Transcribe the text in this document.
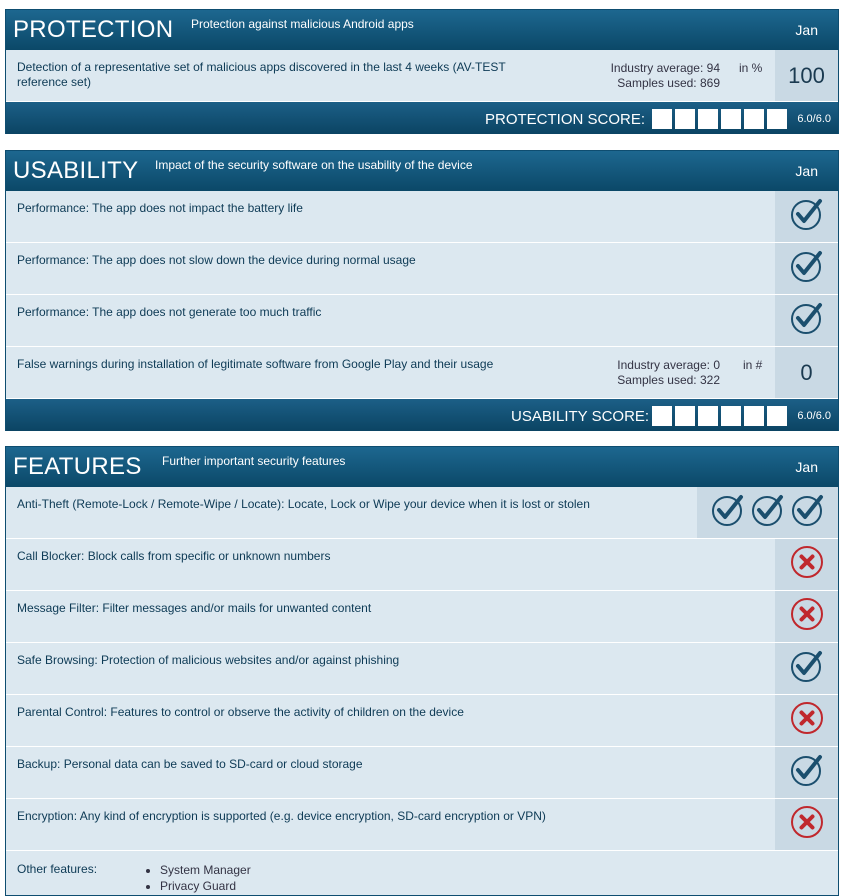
PROTECTION Protection against malicious Android apps	Jan
Detection of a representative set of malicious apps discovered in the last 4 weeks (AV-TEST reference set)
Industry average: 94
Samples used: 869
in % 100
PROTECTION SCORE:	6.0/6.0
USABILITY Impact of the security software on the usability of the device	Jan
Performance: The app does not impact the battery life
Performance: The app does not slow down the device during normal usage
Performance: The app does not generate too much traffic
False warnings during installation of legitimate software from Google Play and their usage	Industry average: 0
Samples used: 322
in # 0
USABILITY SCORE:	6.0/6.0
FEATURES Further important security features	Jan
Anti-Theft (Remote-Lock / Remote-Wipe / Locate): Locate, Lock or Wipe your device when it is lost or stolen
Call Blocker: Block calls from specific or unknown numbers
Message Filter: Filter messages and/or mails for unwanted content
Safe Browsing: Protection of malicious websites and/or against phishing
Parental Control: Features to control or observe the activity of children on the device
Backup: Personal data can be saved to SD-card or cloud storage
Encryption: Any kind of encryption is supported (e.g. device encryption, SD-card encryption or VPN)
Other features:
•	System Manager
• Privacy Guard
